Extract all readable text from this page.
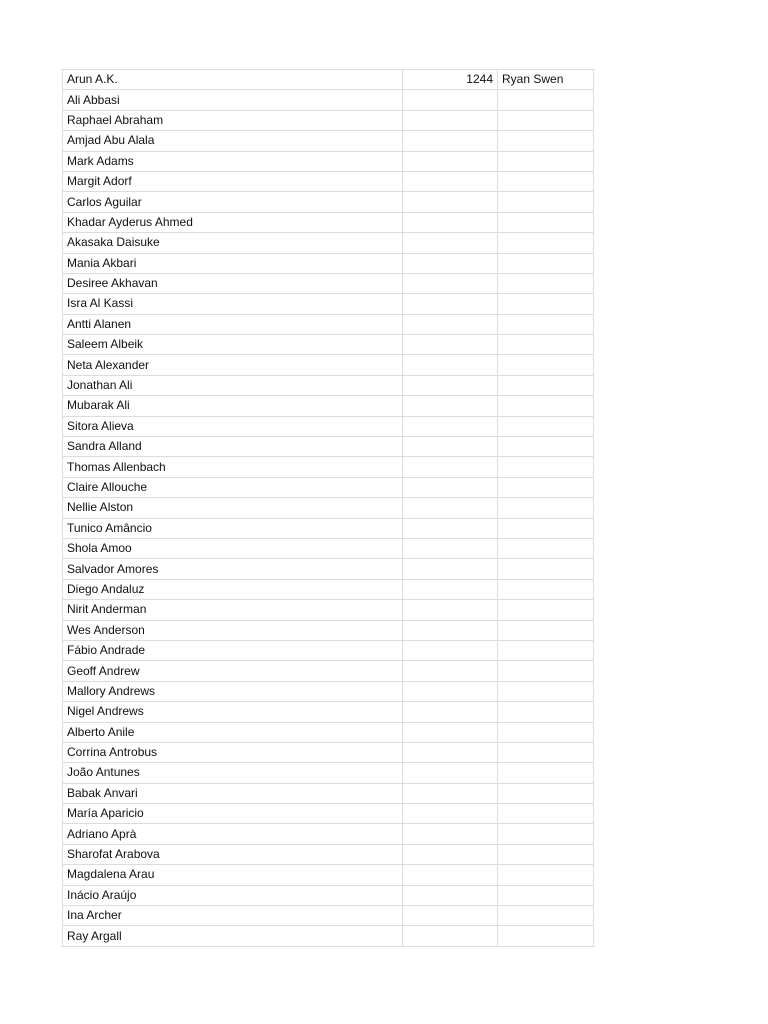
Arun A.K.	1244	Ryan Swen
Ali Abbasi		
Raphael Abraham		
Amjad Abu Alala		
Mark Adams		
Margit Adorf		
Carlos Aguilar		
Khadar Ayderus Ahmed		
Akasaka Daisuke		
Mania Akbari		
Desiree Akhavan		
Isra Al Kassi		
Antti Alanen		
Saleem Albeik		
Neta Alexander		
Jonathan Ali		
Mubarak Ali		
Sitora Alieva		
Sandra Alland		
Thomas Allenbach		
Claire Allouche		
Nellie Alston		
Tunico Amâncio		
Shola Amoo		
Salvador Amores		
Diego Andaluz		
Nirit Anderman		
Wes Anderson		
Fábio Andrade		
Geoff Andrew		
Mallory Andrews		
Nigel Andrews		
Alberto Anile		
Corrina Antrobus		
João Antunes		
Babak Anvari		
María Aparicio		
Adriano Aprà		
Sharofat Arabova		
Magdalena Arau		
Inácio Araújo		
Ina Archer		
Ray Argall		
